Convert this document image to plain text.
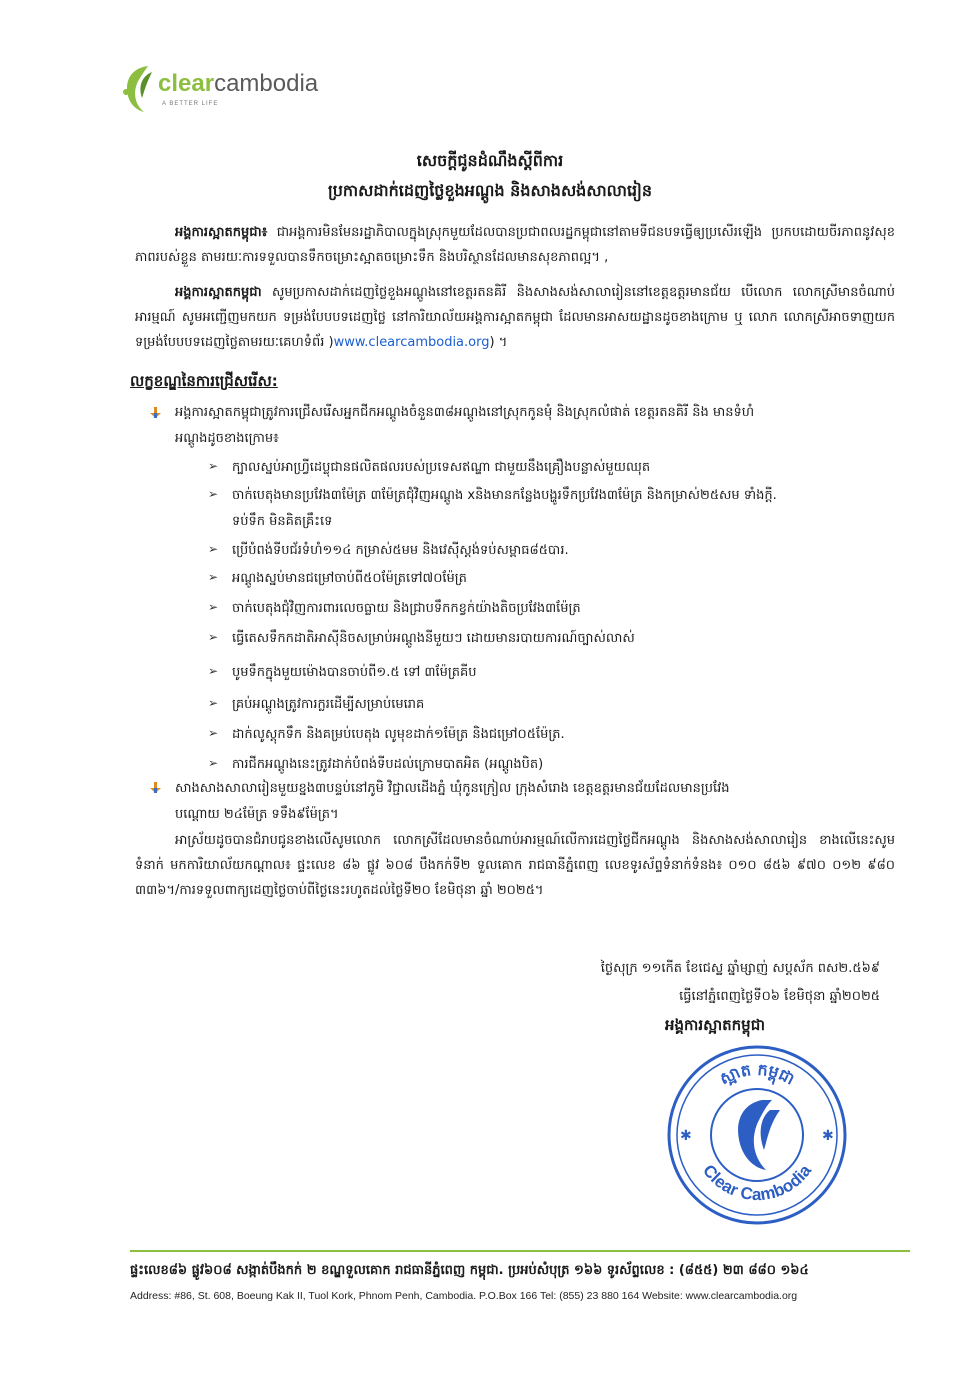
clearcambodia
A BETTER LIFE
សេចក្តីជូនដំណឹងស្តីពីការ
ប្រកាសដាក់ដេញថ្លៃខួងអណ្តូង និងសាងសង់សាលារៀន
អង្គការស្អាតកម្ពុជា៖ ជាអង្គការមិនមែនរដ្ឋាភិបាលក្នុងស្រុកមួយដែលបានប្រជាពលរដ្ឋកម្ពុជានៅតាមទីជនបទធ្វើឲ្យប្រសើរឡើង ប្រកបដោយចីរភាពនូវសុខភាពរបស់ខ្លួន តាមរយៈការទទួលបានទឹកចម្រោះស្អាតចម្រោះទឹក និងបរិស្ថានដែលមានសុខភាពល្អ។ ,
អង្គការស្អាតកម្ពុជា សូមប្រកាសដាក់ដេញថ្លៃខួងអណ្តូងនៅខេត្តរតនគិរី និងសាងសង់សាលារៀននៅខេត្តឧត្តរមានជ័យ បើលោក លោកស្រីមានចំណាប់អារម្មណ៍ សូមអញ្ជើញមកយក ទម្រង់បែបបទដេញថ្លៃ នៅការិយាល័យអង្គការស្អាតកម្ពុជា ដែលមានអាសយដ្ឋានដូចខាងក្រោម ឬ លោក លោកស្រីអាចទាញយកទម្រង់បែបបទដេញថ្លៃតាមរយៈគេហទំព័រ )www.clearcambodia.org) ។
លក្ខខណ្ឌនៃការជ្រើសរើស:
អង្គការស្អាតកម្ពុជាត្រូវការជ្រើសរើសអ្នកជីកអណ្តូងចំនួន៣៨អណ្តូងនៅស្រុកកូនមុំ និងស្រុកលំផាត់ ខេត្តរតនគិរី និង មានទំហំ
អណ្តូងដូចខាងក្រោម៖
➢ ក្បាលស្នប់អាហ្វ្រីដេប្លុជានផលិតផលរបស់ប្រទេសឥណ្ឌា ជាមួយនឹងគ្រឿងបន្លាស់មួយឈុត
➢ ចាក់បេតុងមានប្រវែង៣ម៉ែត្រ ៣ម៉ែត្រជុំវិញអណ្តូង xនិងមានកន្លែងបង្ហូរទឹកប្រវែង៣ម៉ែត្រ និងកម្រាស់២៥សម ទាំងក្តី.
ទប់ទឹក មិនគិតគ្រឹះទេ
➢ ប្រើបំពង់ទីបជ័រទំហំ១១៤ កម្រាស់៥មម និងវេស៊ីស្តង់ទប់សម្ពាធ៨៥បារ.
➢ អណ្តូងស្នប់មានជម្រៅចាប់ពី៥០ម៉ែត្រទៅ៧០ម៉ែត្រ
➢ ចាក់បេតុងជុំវិញការពារលេចធ្លាយ និងជ្រាបទឹកកខ្វក់យ៉ាងតិចប្រវែង៣ម៉ែត្រ
➢ ធ្វើតេសទឹកកដាតិអាស៊ីនិចសម្រាប់អណ្តូងនីមួយៗ ដោយមានរបាយការណ៍ច្បាស់លាស់
➢ បូមទឹកក្នុងមួយម៉ោងបានចាប់ពី១.៥ ទៅ ៣ម៉ែត្រគីប
➢ គ្រប់អណ្តូងត្រូវការក្លរដើម្បីសម្រាប់មេរោគ
➢ ដាក់លូស្តុកទឹក និងគម្រប់បេតុង លូមុខដាក់១ម៉ែត្រ និងជម្រៅ០៥ម៉ែត្រ.
➢ ការជីកអណ្តូងនេះត្រូវដាក់បំពង់ទីបដល់ក្រោមបាតអិត (អណ្តូងបិត)
សាងសាងសាលារៀនមួយខ្នង៣បន្ទប់នៅភូមិ វិជ្ជាលដើងភ្នំ ឃុំកូនក្រៀល ក្រុងសំរោង ខេត្តឧត្តរមានជ័យដែលមានប្រវែង
បណ្តោយ ២៤ម៉ែត្រ ទទឹង៩ម៉ែត្រ។
អាស្រ័យដូចបានជំរាបជូនខាងលើសូមលោក លោកស្រីដែលមានចំណាប់អារម្មណ៍លើការដេញថ្លៃជីកអណ្តូង និងសាងសង់សាលារៀន ខាងលើនេះសូមទំនាក់ មកការិយាល័យកណ្តាល៖ ផ្ទះលេខ ៨៦ ផ្លូវ ៦០៨ បឹងកក់ទី២ ទួលគោក រាជធានីភ្នំពេញ លេខទូរស័ព្ទទំនាក់ទំនង៖ ០១០ ៨៥៦ ៩៧០ ០១២ ៩៨០ ៣៣៦។/ការទទួលពាក្យដេញថ្លៃចាប់ពីថ្ងៃនេះរហូតដល់ថ្ងៃទី២០ ខែមិថុនា ឆ្នាំ ២០២៥។
ថ្ងៃសុក្រ ១១កើត ខែជេស្ឋ ឆ្នាំម្សាញ់ សប្តស័ក ពស២.៥៦៩
ធ្វើនៅភ្នំពេញថ្ងៃទី០៦ ខែមិថុនា ឆ្នាំ២០២៥
អង្គការស្អាតកម្ពុជា
ស្អាត កម្ពុជា
Clear Cambodia
✱	✱
ផ្ទះលេខ៨៦ ផ្លូវ៦០៨ សង្កាត់បឹងកក់ ២ ខណ្ឌទួលគោក រាជធានីភ្នំពេញ កម្ពុជា. ប្រអប់សំបុត្រ ១៦៦ ទូរស័ព្ទលេខ : (៨៥៥) ២៣ ៨៨០ ១៦៤
Address: #86, St. 608, Boeung Kak II, Tuol Kork, Phnom Penh, Cambodia. P.O.Box 166 Tel: (855) 23 880 164 Website: www.clearcambodia.org
